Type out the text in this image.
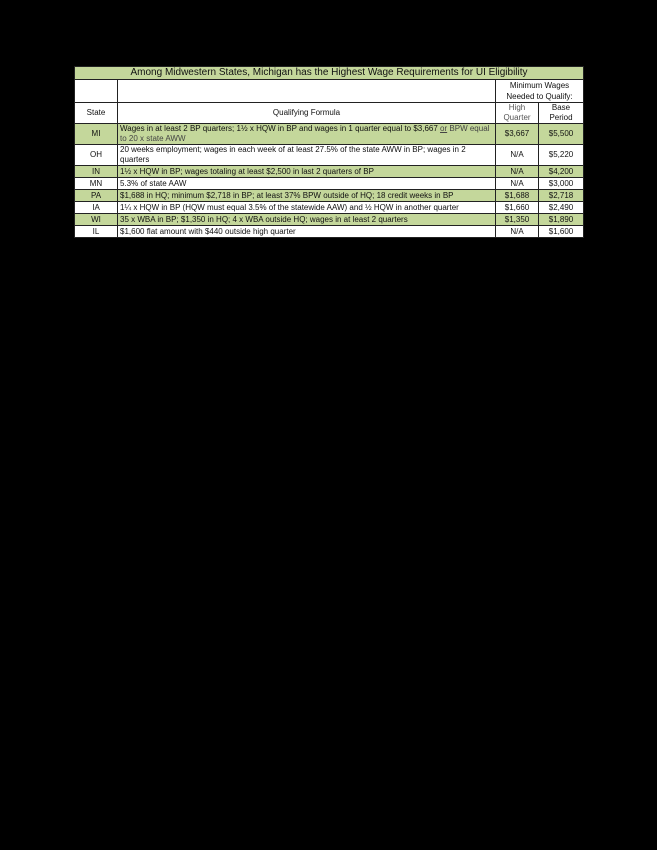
Among Midwestern States, Michigan has the Highest Wage Requirements for UI Eligibility			
		Minimum Wages Needed to Qualify:	
State	Qualifying Formula	High Quarter	Base Period
MI	Wages in at least 2 BP quarters; 1½ x HQW in BP and wages in 1 quarter equal to $3,667 or BPW equal to 20 x state AWW	$3,667	$5,500
OH	20 weeks employment; wages in each week of at least 27.5% of the state AWW in BP; wages in 2 quarters	N/A	$5,220
IN	1½ x HQW in BP; wages totaling at least $2,500 in last 2 quarters of BP	N/A	$4,200
MN	5.3% of state AAW	N/A	$3,000
PA	$1,688 in HQ; minimum $2,718 in BP; at least 37% BPW outside of HQ; 18 credit weeks in BP	$1,688	$2,718
IA	1¼ x HQW in BP (HQW must equal 3.5% of the statewide AAW) and ½ HQW in another quarter	$1,660	$2,490
WI	35 x WBA in BP; $1,350 in HQ; 4 x WBA outside HQ; wages in at least 2 quarters	$1,350	$1,890
IL	$1,600 flat amount with $440 outside high quarter	N/A	$1,600
